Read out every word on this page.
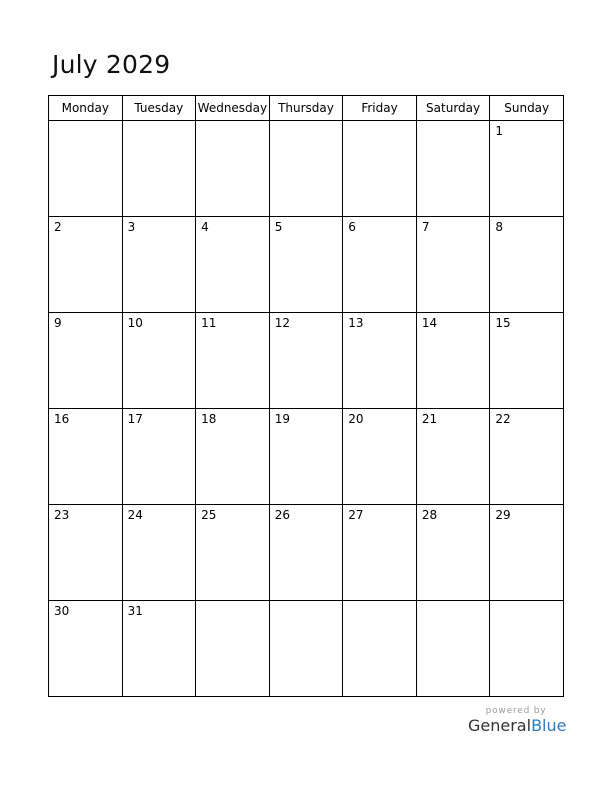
July 2029
Monday	Tuesday	Wednesday	Thursday	Friday	Saturday	Sunday

						1

2	3	4	5	6	7	8

9	10	11	12	13	14	15

16	17	18	19	20	21	22

23	24	25	26	27	28	29

30	31					

powered by
GeneralBlue
